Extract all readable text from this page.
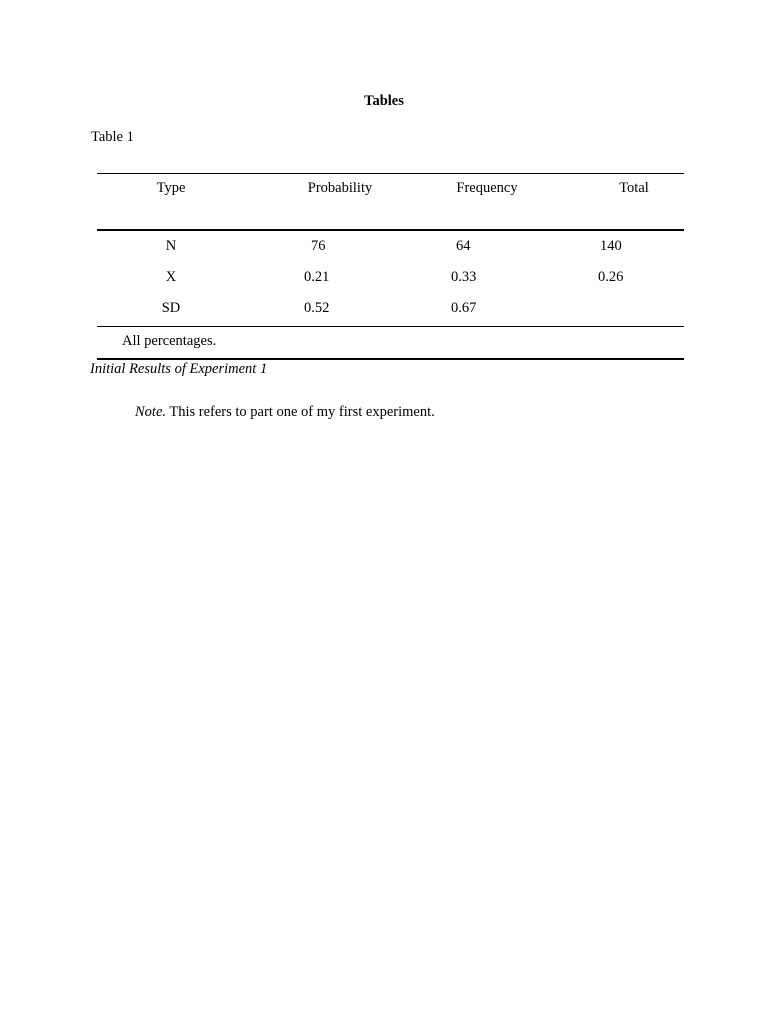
Tables
Table 1
Type	Probability	Frequency	Total
N	76	64	140
X	0.21	0.33	0.26
SD	0.52	0.67
All percentages.
Initial Results of Experiment 1
Note. This refers to part one of my first experiment.
